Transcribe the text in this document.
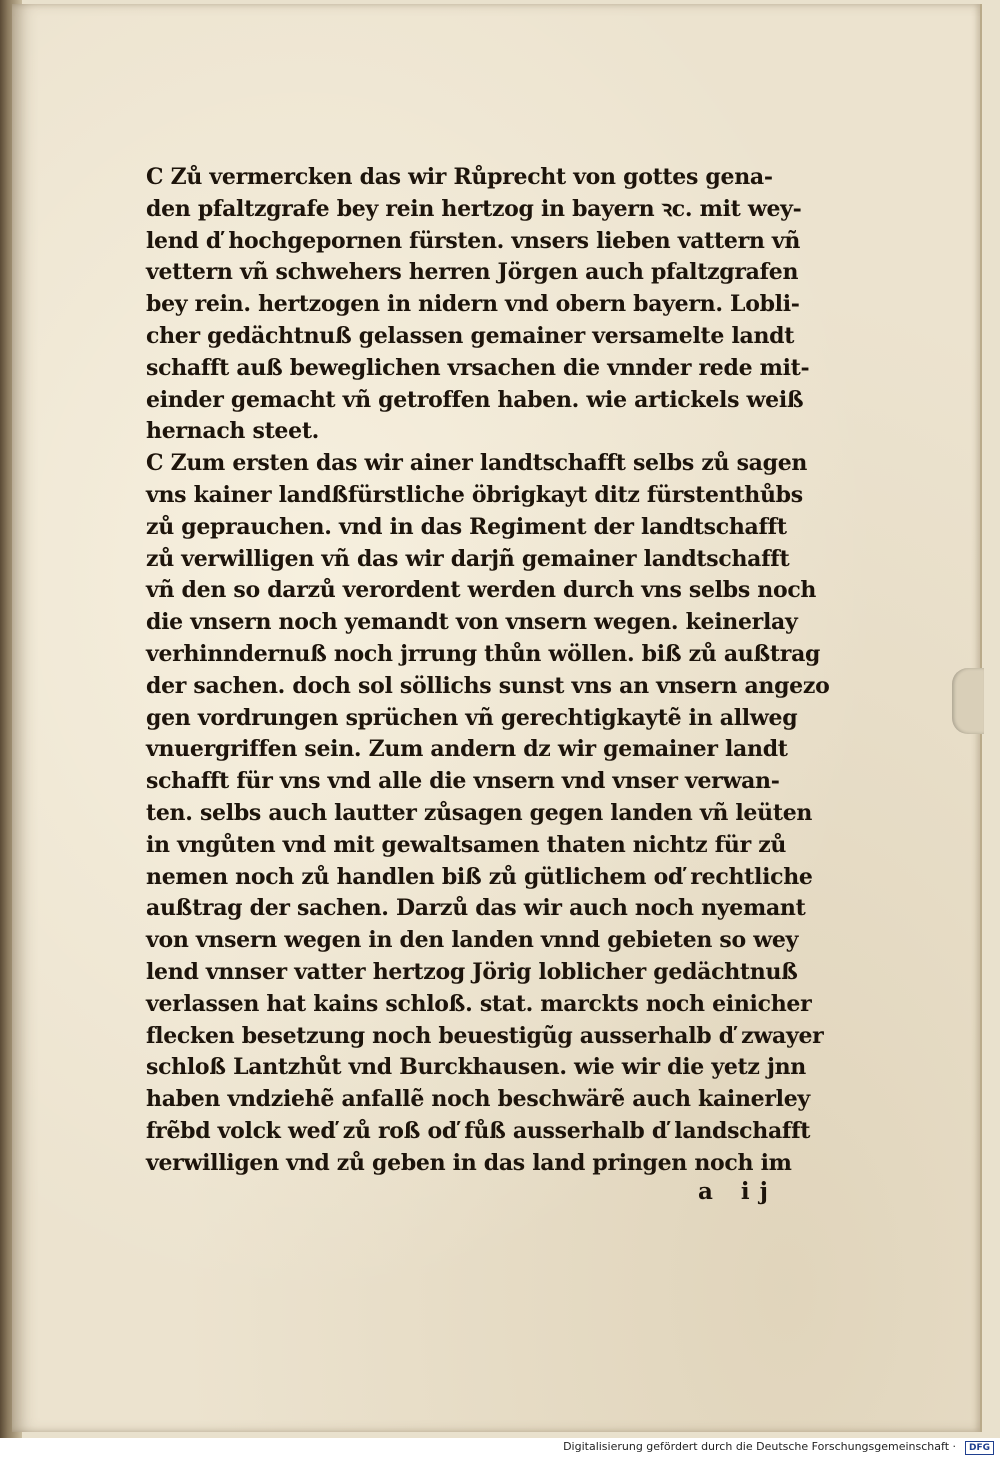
C Zů vermercken das wir Růprecht von gottes gena-
den pfaltzgrafe bey rein hertzog in bayern ꝛc. mit wey-
lend ď hochgepornen fürsten. vnsers lieben vattern vñ
vettern vñ schwehers herren Jörgen auch pfaltzgrafen
bey rein. hertzogen in nidern vnd obern bayern. Lobli-
cher gedächtnuß gelassen gemainer versamelte landt
schafft auß beweglichen vrsachen die vnnder rede mit-
einder gemacht vñ getroffen haben. wie artickels weiß
hernach steet.
C Zum ersten das wir ainer landtschafft selbs zů sagen
vns kainer landßfürstliche öbrigkayt ditz fürstenthůbs
zů geprauchen. vnd in das Regiment der landtschafft
zů verwilligen vñ das wir darjñ gemainer landtschafft
vñ den so darzů verordent werden durch vns selbs noch
die vnsern noch yemandt von vnsern wegen. keinerlay
verhinndernuß noch jrrung thůn wöllen. biß zů außtrag
der sachen. doch sol söllichs sunst vns an vnsern angezo
gen vordrungen sprüchen vñ gerechtigkaytẽ in allweg
vnuergriffen sein. Zum andern dz wir gemainer landt
schafft für vns vnd alle die vnsern vnd vnser verwan-
ten. selbs auch lautter zůsagen gegen landen vñ leüten
in vngůten vnd mit gewaltsamen thaten nichtz für zů
nemen noch zů handlen biß zů gütlichem oď rechtliche
außtrag der sachen. Darzů das wir auch noch nyemant
von vnsern wegen in den landen vnnd gebieten so wey
lend vnnser vatter hertzog Jörig loblicher gedächtnuß
verlassen hat kains schloß. stat. marckts noch einicher
flecken besetzung noch beuestigũg ausserhalb ď zwayer
schloß Lantzhůt vnd Burckhausen. wie wir die yetz jnn
haben vndziehẽ anfallẽ noch beschwärẽ auch kainerley
frẽbd volck weď zů roß oď fůß ausserhalb ď landschafft
verwilligen vnd zů geben in das land pringen noch im
a ij
Digitalisierung gefördert durch die Deutsche Forschungsgemeinschaft ·	DFG
